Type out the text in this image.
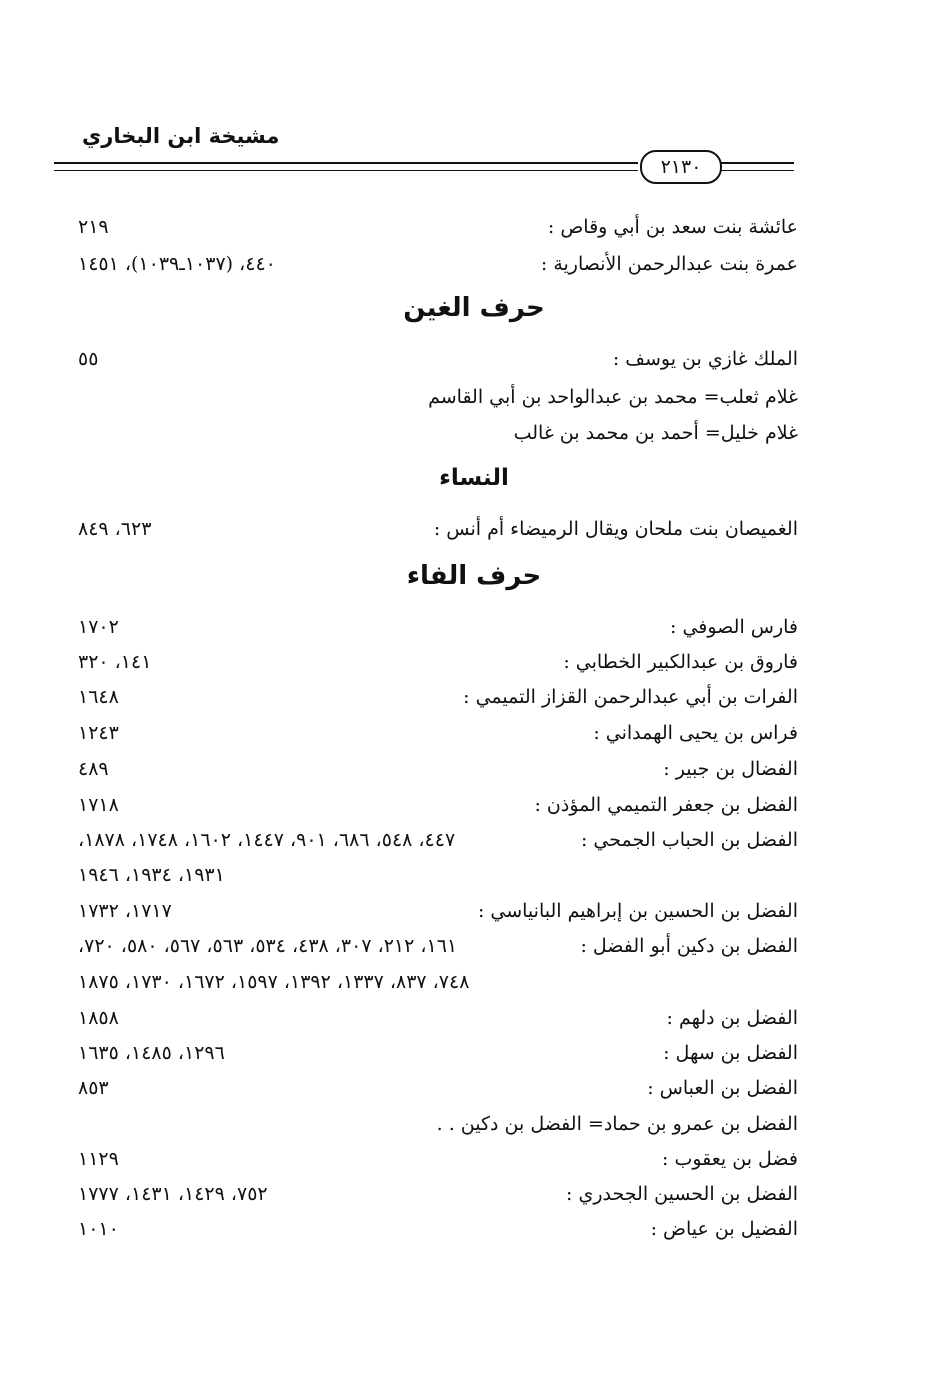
مشيخة ابن البخاري
٢١٣٠
عائشة بنت سعد بن أبي وقاص :
٢١٩
عمرة بنت عبدالرحمن الأنصارية :
٤٤٠، (١٠٣٧ـ١٠٣٩)، ١٤٥١
حرف الغين
الملك غازي بن يوسف :
٥٥
غلام ثعلب= محمد بن عبدالواحد بن أبي القاسم
غلام خليل= أحمد بن محمد بن غالب
النساء
الغميصان بنت ملحان ويقال الرميضاء أم أنس :
٦٢٣، ٨٤٩
حرف الفاء
فارس الصوفي :
١٧٠٢
فاروق بن عبدالكبير الخطابي :
١٤١، ٣٢٠
الفرات بن أبي عبدالرحمن القزاز التميمي :
١٦٤٨
فراس بن يحيى الهمداني :
١٢٤٣
الفضال بن جبير :
٤٨٩
الفضل بن جعفر التميمي المؤذن :
١٧١٨
الفضل بن الحباب الجمحي :
٤٤٧، ٥٤٨، ٦٨٦، ٩٠١، ١٤٤٧، ١٦٠٢، ١٧٤٨، ١٨٧٨،
١٩٣١، ١٩٣٤، ١٩٤٦
الفضل بن الحسين بن إبراهيم البانياسي :
١٧١٧، ١٧٣٢
الفضل بن دكين أبو الفضل :
١٦١، ٢١٢، ٣٠٧، ٤٣٨، ٥٣٤، ٥٦٣، ٥٦٧، ٥٨٠، ٧٢٠،
٧٤٨، ٨٣٧، ١٣٣٧، ١٣٩٢، ١٥٩٧، ١٦٧٢، ١٧٣٠، ١٨٧٥
الفضل بن دلهم :
١٨٥٨
الفضل بن سهل :
١٢٩٦، ١٤٨٥، ١٦٣٥
الفضل بن العباس :
٨٥٣
الفضل بن عمرو بن حماد= الفضل بن دكين . .
فضل بن يعقوب :
١١٢٩
الفضل بن الحسين الجحدري :
٧٥٢، ١٤٢٩، ١٤٣١، ١٧٧٧
الفضيل بن عياض :
١٠١٠
